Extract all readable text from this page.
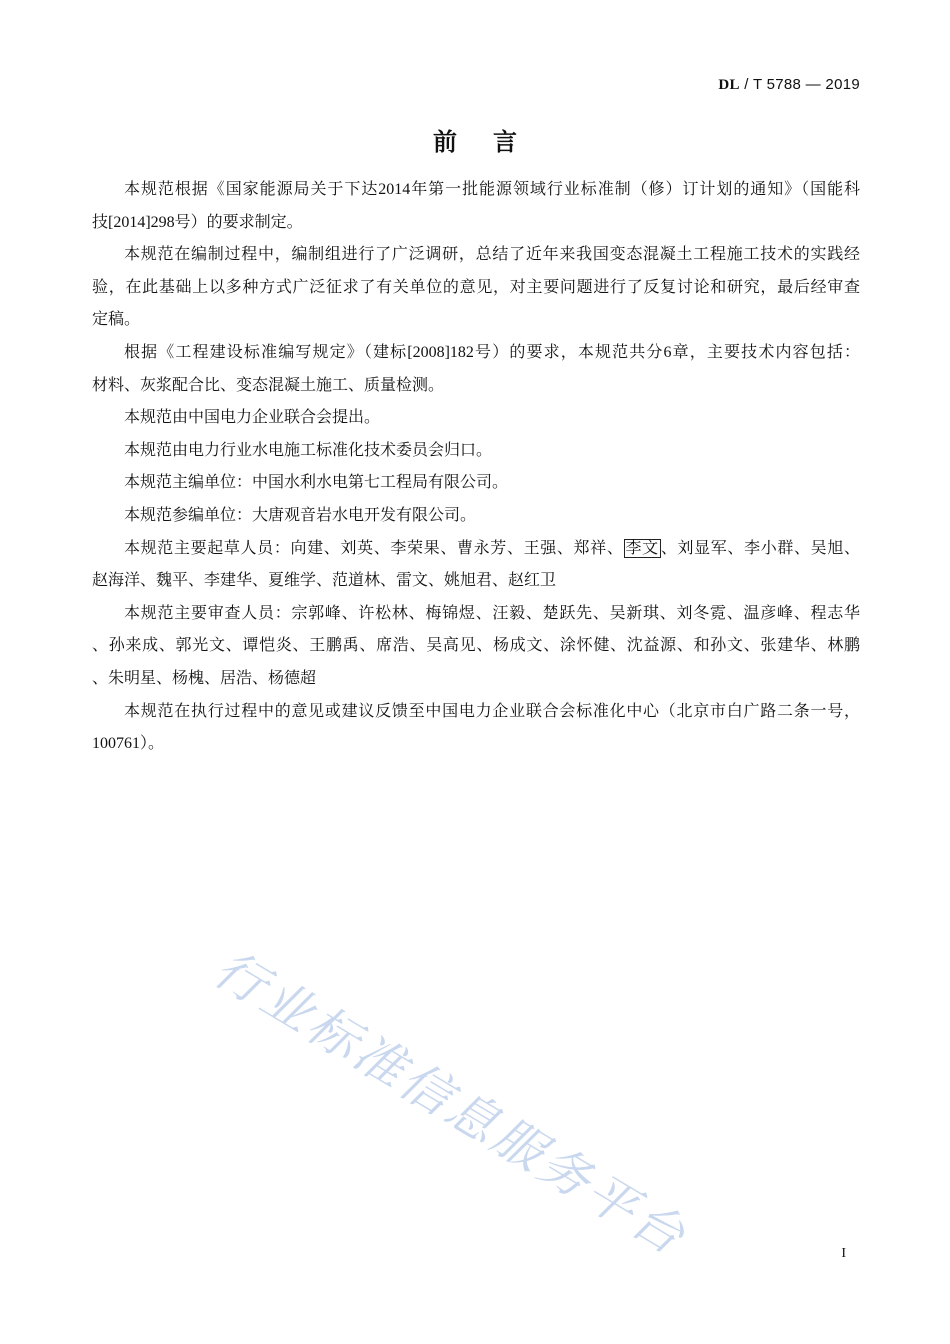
DL / T 5788 — 2019
前言
本规范根据《国家能源局关于下达2014年第一批能源领域行业标准制（修）订计划的通知》（国能科
技[2014]298号）的要求制定。
本规范在编制过程中，编制组进行了广泛调研，总结了近年来我国变态混凝土工程施工技术的实践经
验，在此基础上以多种方式广泛征求了有关单位的意见，对主要问题进行了反复讨论和研究，最后经审查
定稿。
根据《工程建设标准编写规定》（建标[2008]182号）的要求，本规范共分6章，主要技术内容包括：
材料、灰浆配合比、变态混凝土施工、质量检测。
本规范由中国电力企业联合会提出。
本规范由电力行业水电施工标准化技术委员会归口。
本规范主编单位：中国水利水电第七工程局有限公司。
本规范参编单位：大唐观音岩水电开发有限公司。
本规范主要起草人员：向建、刘英、李荣果、曹永芳、王强、郑祥、 李文 、刘显军、李小群、吴旭、
赵海洋、魏平、李建华、夏维学、范道林、雷文、姚旭君、赵红卫
本规范主要审查人员：宗郭峰、许松林、梅锦煜、汪毅、楚跃先、吴新琪、刘冬霓、温彦峰、程志华
、孙来成、郭光文、谭恺炎、王鹏禹、席浩、吴高见、杨成文、涂怀健、沈益源、和孙文、张建华、林鹏
、朱明星、杨槐、居浩、杨德超
本规范在执行过程中的意见或建议反馈至中国电力企业联合会标准化中心（北京市白广路二条一号，
100761）。
行业标准信息服务平台	I
